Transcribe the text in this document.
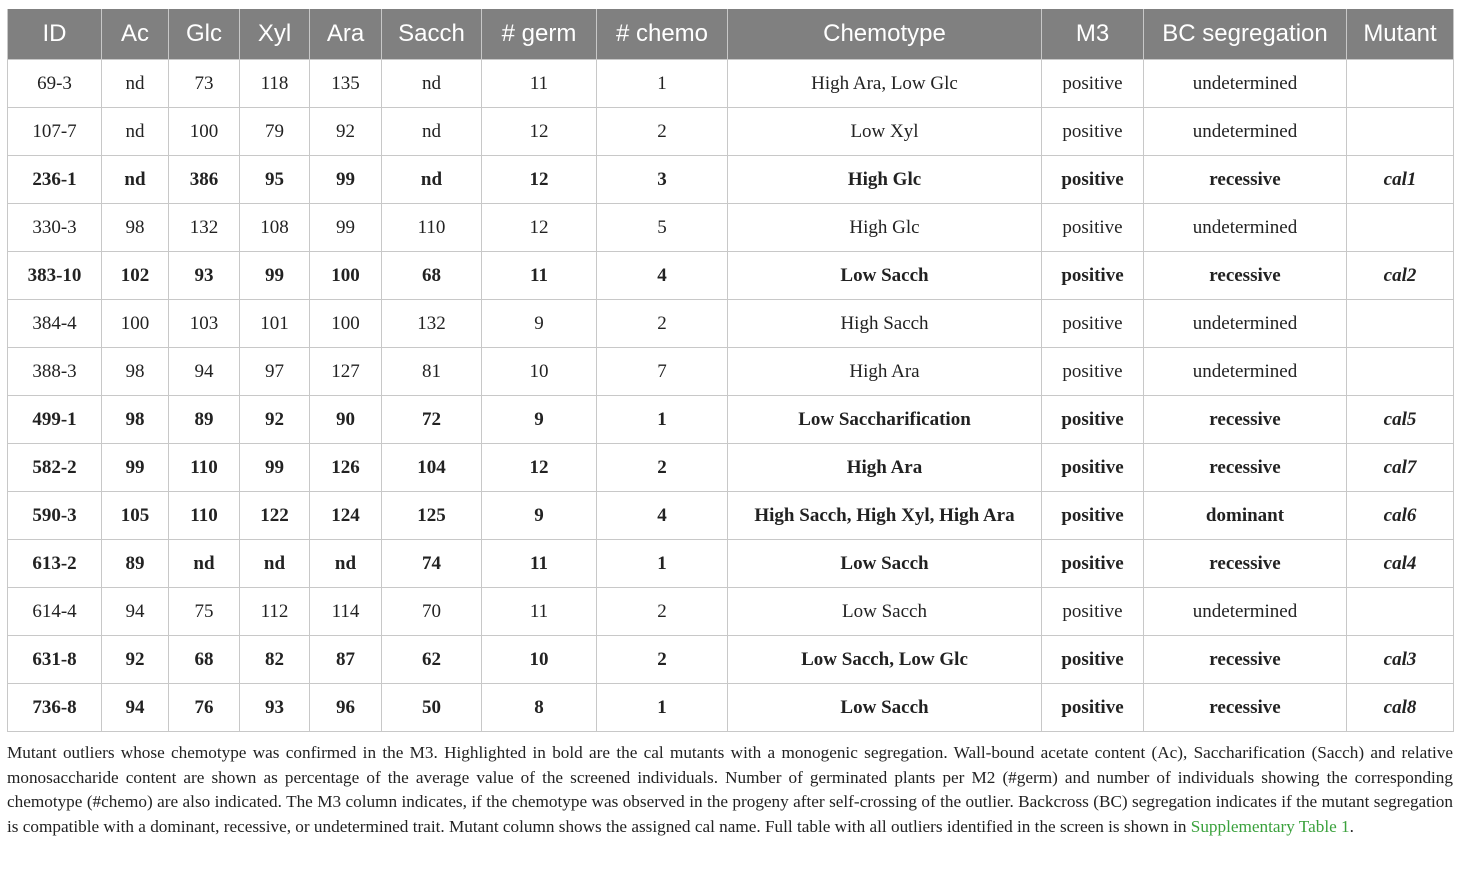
ID	Ac	Glc	Xyl	Ara	Sacch	# germ	# chemo	Chemotype	M3	BC segregation	Mutant
69-3	nd	73	118	135	nd	11	1	High Ara, Low Glc	positive	undetermined	
107-7	nd	100	79	92	nd	12	2	Low Xyl	positive	undetermined	
236-1	nd	386	95	99	nd	12	3	High Glc	positive	recessive	cal1
330-3	98	132	108	99	110	12	5	High Glc	positive	undetermined	
383-10	102	93	99	100	68	11	4	Low Sacch	positive	recessive	cal2
384-4	100	103	101	100	132	9	2	High Sacch	positive	undetermined	
388-3	98	94	97	127	81	10	7	High Ara	positive	undetermined	
499-1	98	89	92	90	72	9	1	Low Saccharification	positive	recessive	cal5
582-2	99	110	99	126	104	12	2	High Ara	positive	recessive	cal7
590-3	105	110	122	124	125	9	4	High Sacch, High Xyl, High Ara	positive	dominant	cal6
613-2	89	nd	nd	nd	74	11	1	Low Sacch	positive	recessive	cal4
614-4	94	75	112	114	70	11	2	Low Sacch	positive	undetermined	
631-8	92	68	82	87	62	10	2	Low Sacch, Low Glc	positive	recessive	cal3
736-8	94	76	93	96	50	8	1	Low Sacch	positive	recessive	cal8
Mutant outliers whose chemotype was confirmed in the M3. Highlighted in bold are the cal mutants with a monogenic segregation. Wall-bound acetate content (Ac), Saccharification (Sacch) and relative monosaccharide content are shown as percentage of the average value of the screened individuals. Number of germinated plants per M2 (#germ) and number of individuals showing the corresponding chemotype (#chemo) are also indicated. The M3 column indicates, if the chemotype was observed in the progeny after self-crossing of the outlier. Backcross (BC) segregation indicates if the mutant segregation is compatible with a dominant, recessive, or undetermined trait. Mutant column shows the assigned cal name. Full table with all outliers identified in the screen is shown in Supplementary Table 1.
